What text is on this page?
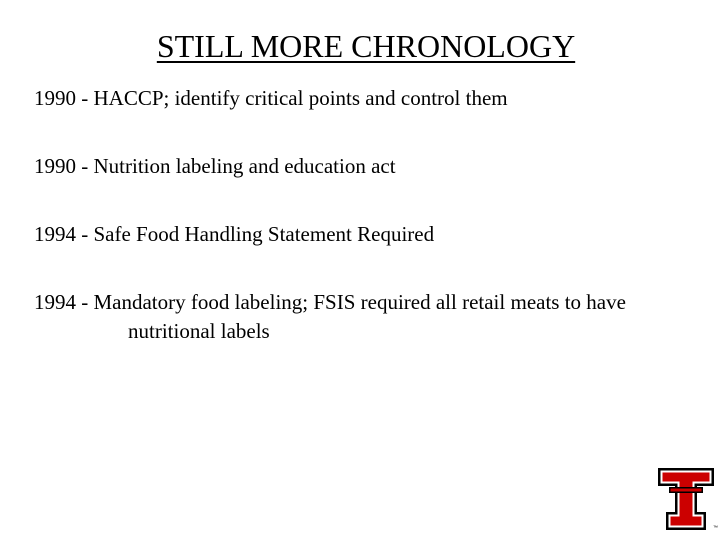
STILL MORE CHRONOLOGY
1990 - HACCP; identify critical points and control them
1990 - Nutrition labeling and education act
1994 - Safe Food Handling Statement Required
1994 - Mandatory food labeling; FSIS required all retail meats to have
nutritional labels
™
